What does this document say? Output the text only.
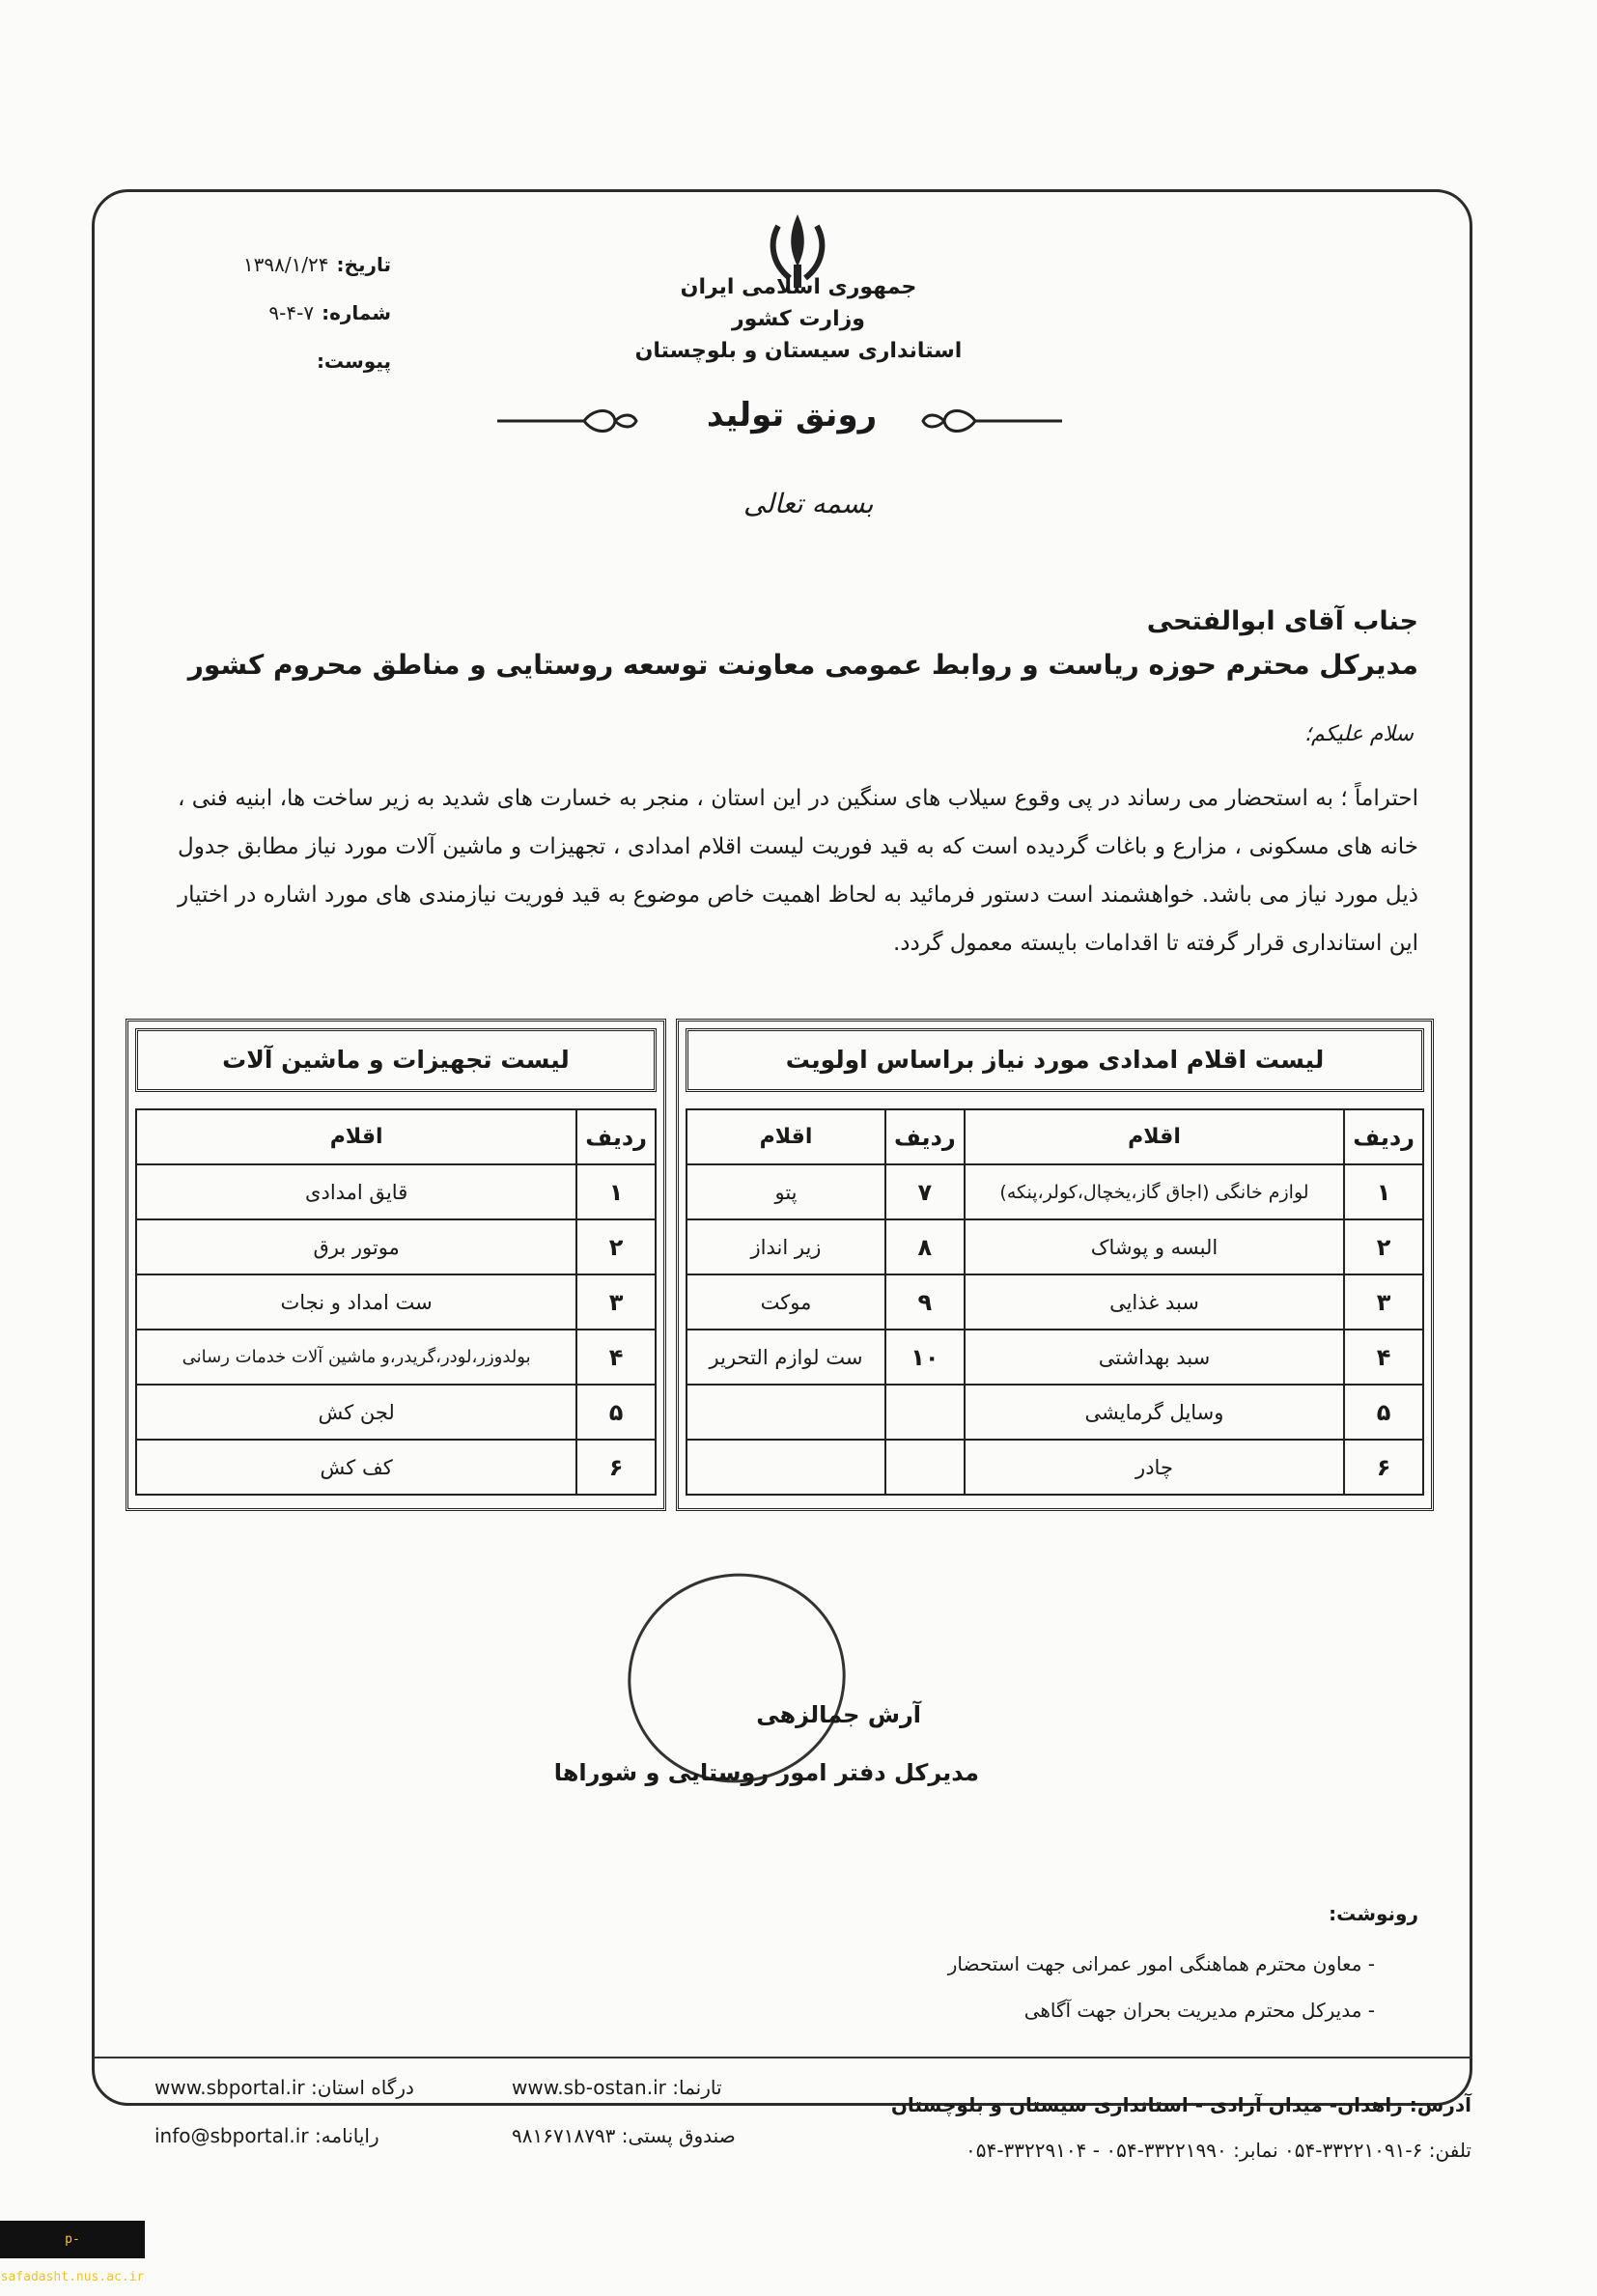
جمهوری اسلامی ایران
وزارت کشور
استانداری سیستان و بلوچستان
تاریخ:۱۳۹۸/۱/۲۴
شماره:۷-۴-۹
پیوست:
رونق تولید
بسمه تعالی
جناب آقای ابوالفتحی
مدیرکل محترم حوزه ریاست و روابط عمومی معاونت توسعه روستایی و مناطق محروم کشور
سلام علیکم؛
احتراماً ؛ به استحضار می رساند در پی وقوع سیلاب های سنگین در این استان ، منجر به خسارت های شدید به زیر ساخت ها، ابنیه فنی ، خانه های مسکونی ، مزارع و باغات گردیده است که به قید فوریت لیست اقلام امدادی ، تجهیزات و ماشین آلات مورد نیاز مطابق جدول ذیل مورد نیاز می باشد. خواهشمند است دستور فرمائید به لحاظ اهمیت خاص موضوع به قید فوریت نیازمندی های مورد اشاره در اختیار این استانداری قرار گرفته تا اقدامات بایسته معمول گردد.
لیست اقلام امدادی مورد نیاز براساس اولویت
ردیف	اقلام	ردیف	اقلام
۱	لوازم خانگی (اجاق گاز،یخچال،کولر،پنکه)	۷	پتو
۲	البسه و پوشاک	۸	زیر انداز
۳	سبد غذایی	۹	موکت
۴	سبد بهداشتی	۱۰	ست لوازم التحریر
۵	وسایل گرمایشی		
۶	چادر		
لیست تجهیزات و ماشین آلات
ردیف	اقلام
۱	قایق امدادی
۲	موتور برق
۳	ست امداد و نجات
۴	بولدوزر،لودر،گریدر،و ماشین آلات خدمات رسانی
۵	لجن کش
۶	کف کش
آرش جمالزهی
مدیرکل دفتر امور روستایی و شوراها
رونوشت:
- معاون محترم هماهنگی امور عمرانی جهت استحضار
- مدیرکل محترم مدیریت بحران جهت آگاهی
آدرس: زاهدان- میدان آزادی - استانداری سیستان و بلوچستان
تلفن: ۶-۳۳۲۲۱۰۹۱-۰۵۴ نمابر: ۳۳۲۲۱۹۹۰-۰۵۴ - ۳۳۲۲۹۱۰۴-۰۵۴
تارنما: www.sb-ostan.ir
صندوق پستی: ۹۸۱۶۷۱۸۷۹۳
درگاه استان: www.sbportal.ir
رایانامه: info@sbportal.ir
p-safadasht.nus.ac.ir
